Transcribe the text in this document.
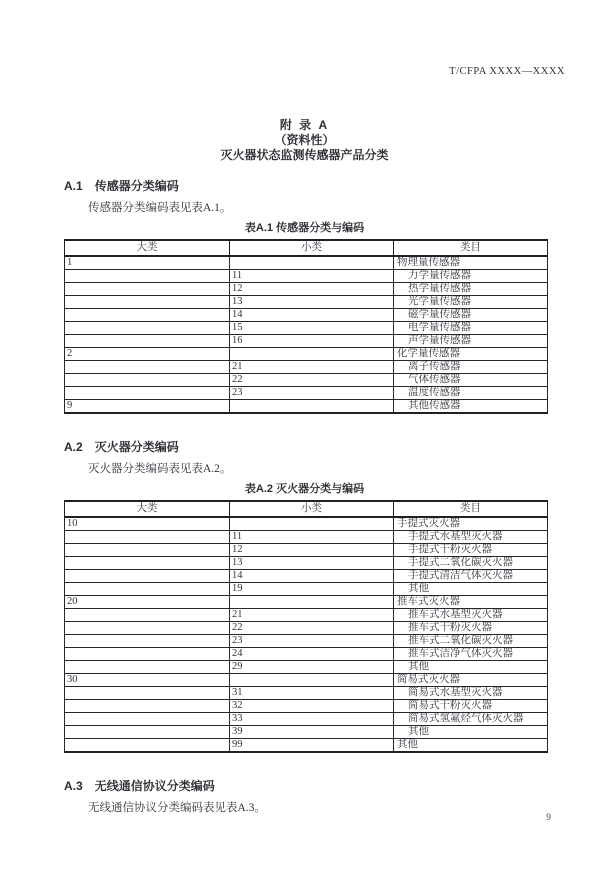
T/CFPA XXXX—XXXX
附 录 A
（资料性）
灭火器状态监测传感器产品分类
A.1 传感器分类编码
传感器分类编码表见表A.1。
表A.1 传感器分类与编码
大类	小类	类目
1		物理量传感器
	11	力学量传感器
	12	热学量传感器
	13	光学量传感器
	14	磁学量传感器
	15	电学量传感器
	16	声学量传感器
2		化学量传感器
	21	离子传感器
	22	气体传感器
	23	温度传感器
9		其他传感器
A.2 灭火器分类编码
灭火器分类编码表见表A.2。
表A.2 灭火器分类与编码
大类	小类	类目
10		手提式灭火器
	11	手提式水基型灭火器
	12	手提式干粉灭火器
	13	手提式二氧化碳灭火器
	14	手提式清洁气体灭火器
	19	其他
20		推车式灭火器
	21	推车式水基型灭火器
	22	推车式干粉灭火器
	23	推车式二氧化碳灭火器
	24	推车式洁净气体灭火器
	29	其他
30		简易式灭火器
	31	简易式水基型灭火器
	32	简易式干粉灭火器
	33	简易式氢氟烃气体灭火器
	39	其他
	99	其他
A.3 无线通信协议分类编码
无线通信协议分类编码表见表A.3。
9
